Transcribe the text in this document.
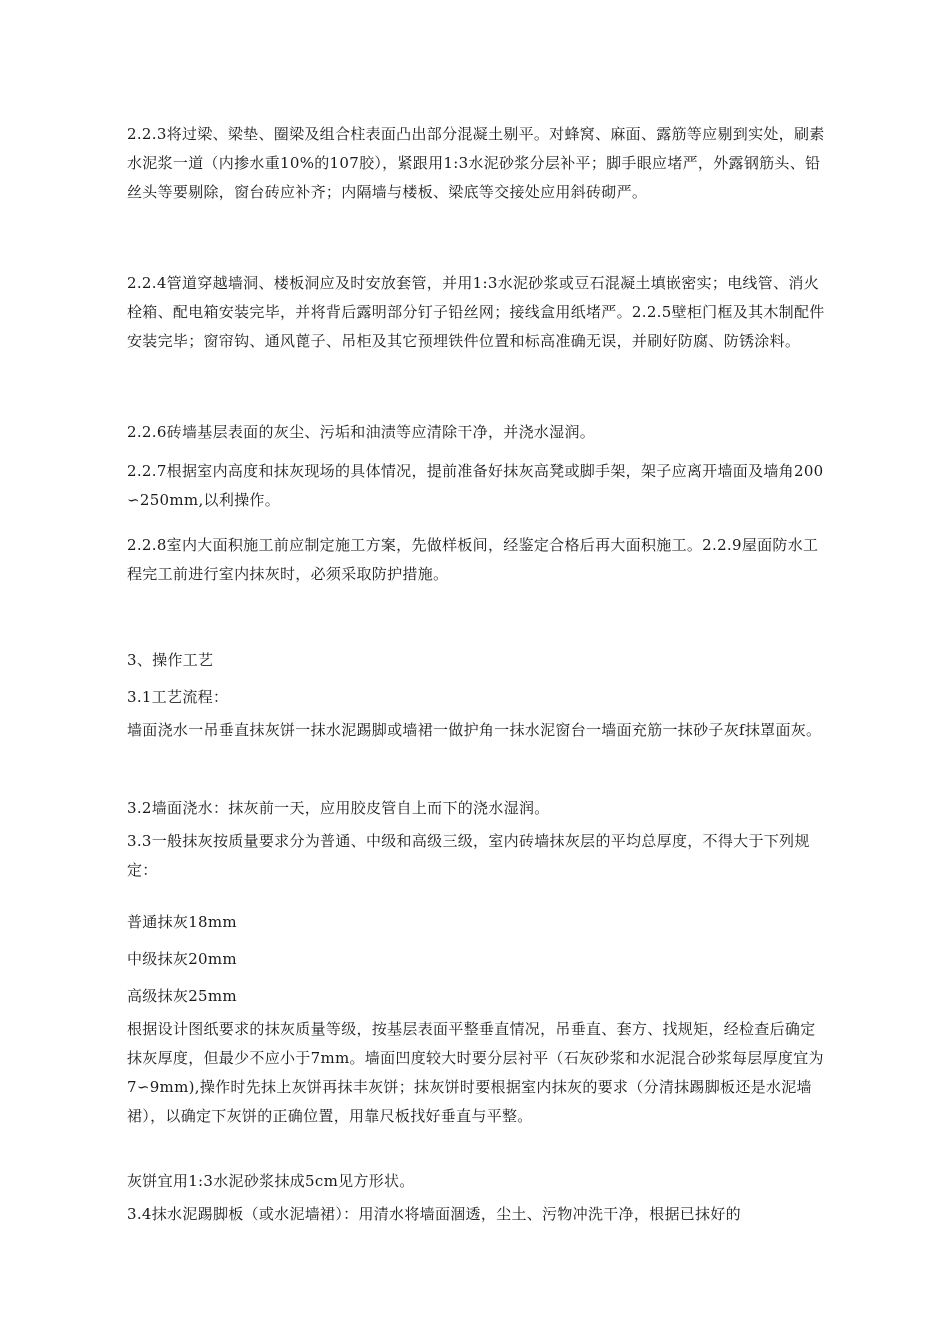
2.2.3将过梁、梁垫、圈梁及组合柱表面凸出部分混凝土剔平。对蜂窝、麻面、露筋等应剔到实处，刷素水泥浆一道（内掺水重10%的107胶），紧跟用1:3水泥砂浆分层补平；脚手眼应堵严，外露钢筋头、铅丝头等要剔除，窗台砖应补齐；内隔墙与楼板、梁底等交接处应用斜砖砌严。
2.2.4管道穿越墙洞、楼板洞应及时安放套管，并用1:3水泥砂浆或豆石混凝土填嵌密实；电线管、消火栓箱、配电箱安装完毕，并将背后露明部分钉子铅丝网；接线盒用纸堵严。2.2.5壁柜门框及其木制配件安装完毕；窗帘钩、通风蓖子、吊柜及其它预埋铁件位置和标高准确无误，并刷好防腐、防锈涂料。
2.2.6砖墙基层表面的灰尘、污垢和油渍等应清除干净，并浇水湿润。
2.2.7根据室内高度和抹灰现场的具体情况，提前准备好抹灰高凳或脚手架，架子应离开墙面及墙角200∽250mm,以利操作。
2.2.8室内大面积施工前应制定施工方案，先做样板间，经鉴定合格后再大面积施工。2.2.9屋面防水工程完工前进行室内抹灰时，必须采取防护措施。
3、操作工艺
3.1工艺流程：
墙面浇水一吊垂直抹灰饼一抹水泥踢脚或墙裙一做护角一抹水泥窗台一墙面充筋一抹砂子灰f抹罩面灰。
3.2墙面浇水：抹灰前一天，应用胶皮管自上而下的浇水湿润。
3.3一般抹灰按质量要求分为普通、中级和高级三级，室内砖墙抹灰层的平均总厚度，不得大于下列规定：
普通抹灰18mm
中级抹灰20mm
高级抹灰25mm
根据设计图纸要求的抹灰质量等级，按基层表面平整垂直情况，吊垂直、套方、找规矩，经检查后确定抹灰厚度，但最少不应小于7mm。墙面凹度较大时要分层衬平（石灰砂浆和水泥混合砂浆每层厚度宜为7∽9mm),操作时先抹上灰饼再抹丰灰饼；抹灰饼时要根据室内抹灰的要求（分清抹踢脚板还是水泥墙裙），以确定下灰饼的正确位置，用靠尺板找好垂直与平整。
灰饼宜用1:3水泥砂浆抹成5cm见方形状。
3.4抹水泥踢脚板（或水泥墙裙）：用清水将墙面涸透，尘土、污物冲洗干净，根据已抹好的
